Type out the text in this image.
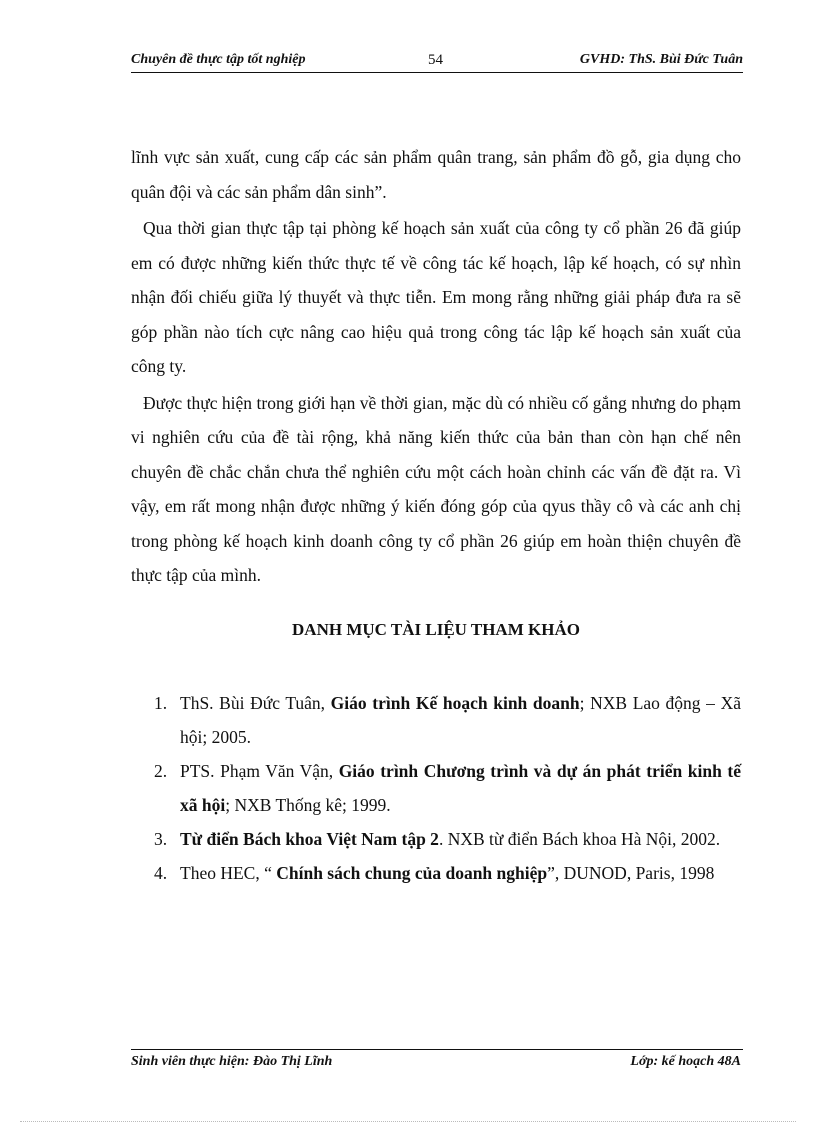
Chuyên đề thực tập tốt nghiệp	54	GVHD: ThS. Bùi Đức Tuân

lĩnh vực sản xuất, cung cấp các sản phẩm quân trang, sản phẩm đồ gỗ, gia dụng cho quân đội và các sản phẩm dân sinh”.

Qua thời gian thực tập tại phòng kế hoạch sản xuất của công ty cổ phần 26 đã giúp em có được những kiến thức thực tế về công tác kế hoạch, lập kế hoạch, có sự nhìn nhận đối chiếu giữa lý thuyết và thực tiễn. Em mong rằng những giải pháp đưa ra sẽ góp phần nào tích cực nâng cao hiệu quả trong công tác lập kế hoạch sản xuất của công ty.

Được thực hiện trong giới hạn về thời gian, mặc dù có nhiều cố gắng nhưng do phạm vi nghiên cứu của đề tài rộng, khả năng kiến thức của bản than còn hạn chế nên chuyên đề chắc chắn chưa thể nghiên cứu một cách hoàn chỉnh các vấn đề đặt ra. Vì vậy, em rất mong nhận được những ý kiến đóng góp của qyus thầy cô và các anh chị trong phòng kế hoạch kinh doanh công ty cổ phần 26 giúp em hoàn thiện chuyên đề thực tập của mình.

DANH MỤC TÀI LIỆU THAM KHẢO
1. ThS. Bùi Đức Tuân, Giáo trình Kế hoạch kinh doanh; NXB Lao động – Xã hội; 2005.
2. PTS. Phạm Văn Vận, Giáo trình Chương trình và dự án phát triển kinh tế xã hội; NXB Thống kê; 1999.
3. Từ điển Bách khoa Việt Nam tập 2. NXB từ điển Bách khoa Hà Nội, 2002.
4. Theo HEC, “ Chính sách chung của doanh nghiệp”, DUNOD, Paris, 1998
Sinh viên thực hiện: Đào Thị Lĩnh	Lớp: kế hoạch 48A
